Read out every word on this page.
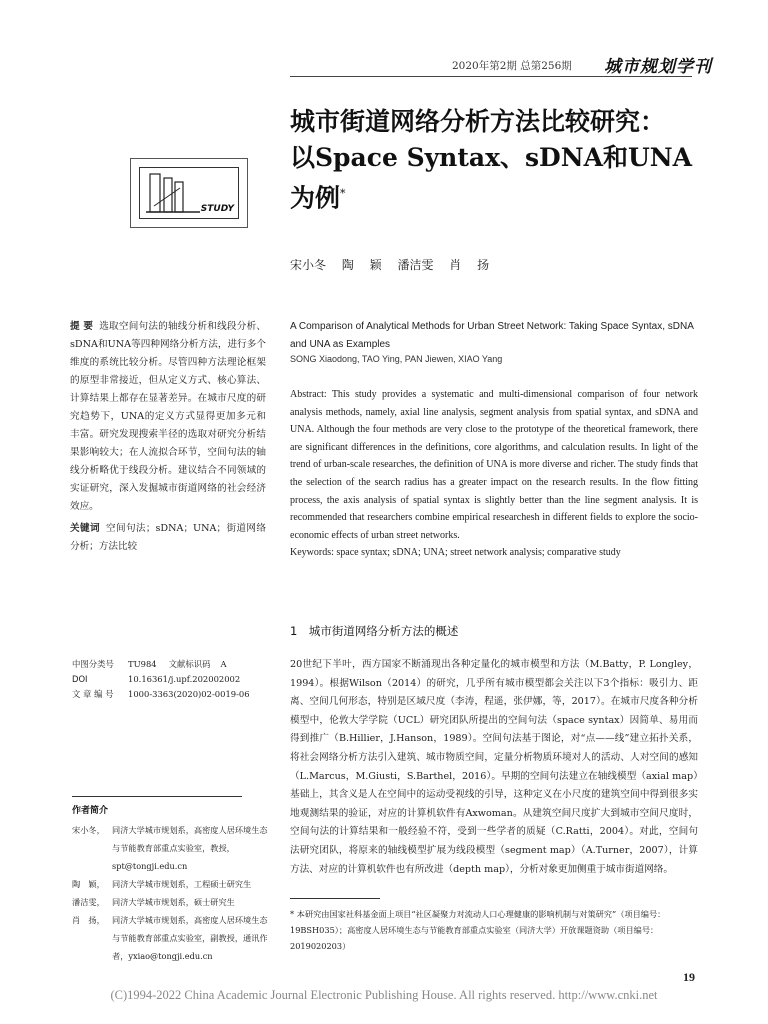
2020年第2期 总第256期 城市规划学刊
STUDY
城市街道网络分析方法比较研究：
以Space Syntax、sDNA和UNA
为例*
宋小冬 陶 颖 潘洁雯 肖 扬
A Comparison of Analytical Methods for Urban Street Network: Taking Space Syntax, sDNA and UNA as Examples
SONG Xiaodong, TAO Ying, PAN Jiewen, XIAO Yang
Abstract: This study provides a systematic and multi-dimensional comparison of four network analysis methods, namely, axial line analysis, segment analysis from spatial syntax, and sDNA and UNA. Although the four methods are very close to the prototype of the theoretical framework, there are significant differences in the definitions, core algorithms, and calculation results. In light of the trend of urban-scale researches, the definition of UNA is more diverse and richer. The study finds that the selection of the search radius has a greater impact on the research results. In the flow fitting process, the axis analysis of spatial syntax is slightly better than the line segment analysis. It is recommended that researchers combine empirical researchesh in different fields to explore the socio-economic effects of urban street networks.
Keywords: space syntax; sDNA; UNA; street network analysis; comparative study
提 要 选取空间句法的轴线分析和线段分析、sDNA和UNA等四种网络分析方法，进行多个维度的系统比较分析。尽管四种方法理论框架的原型非常接近，但从定义方式、核心算法、计算结果上都存在显著差异。在城市尺度的研究趋势下，UNA的定义方式显得更加多元和丰富。研究发现搜索半径的选取对研究分析结果影响较大；在人流拟合环节，空间句法的轴线分析略优于线段分析。建议结合不同领域的实证研究，深入发掘城市街道网络的社会经济效应。
关键词 空间句法；sDNA；UNA；街道网络分析；方法比较
1　城市街道网络分析方法的概述
20世纪下半叶，西方国家不断涌现出各种定量化的城市模型和方法（M.Batty，P. Longley，1994）。根据Wilson（2014）的研究，几乎所有城市模型都会关注以下3个指标：吸引力、距离、空间几何形态，特别是区域尺度（李涛，程遥，张伊娜，等，2017）。在城市尺度各种分析模型中，伦敦大学学院（UCL）研究团队所提出的空间句法（space syntax）因简单、易用而得到推广（B.Hillier，J.Hanson，1989）。空间句法基于图论，对“点——线”建立拓扑关系，将社会网络分析方法引入建筑、城市物质空间，定量分析物质环境对人的活动、人对空间的感知（L.Marcus，M.Giusti，S.Barthel，2016）。早期的空间句法建立在轴线模型（axial map）基础上，其含义是人在空间中的运动受视线的引导，这种定义在小尺度的建筑空间中得到很多实地观测结果的验证，对应的计算机软件有Axwoman。从建筑空间尺度扩大到城市空间尺度时，空间句法的计算结果和一般经验不符，受到一些学者的质疑（C.Ratti，2004）。对此，空间句法研究团队，将原来的轴线模型扩展为线段模型（segment map）（A.Turner，2007），计算方法、对应的计算机软件也有所改进（depth map），分析对象更加侧重于城市街道网络。
中图分类号	TU984 文献标识码 A
DOI	10.16361/j.upf.202002002
文 章 编 号	1000-3363(2020)02-0019-06
作者简介
宋小冬， 同济大学城市规划系，高密度人居环境生态与节能教育部重点实验室，教授，spt@tongji.edu.cn
陶　颖， 同济大学城市规划系，工程硕士研究生
潘洁雯， 同济大学城市规划系，硕士研究生
肖　扬， 同济大学城市规划系，高密度人居环境生态与节能教育部重点实验室，副教授，通讯作者，yxiao@tongji.edu.cn
* 本研究由国家社科基金面上项目“社区凝聚力对流动人口心理健康的影响机制与对策研究”（项目编号：19BSH035）；高密度人居环境生态与节能教育部重点实验室（同济大学）开放课题资助（项目编号：2019020203）
19
(C)1994-2022 China Academic Journal Electronic Publishing House. All rights reserved. http://www.cnki.net
